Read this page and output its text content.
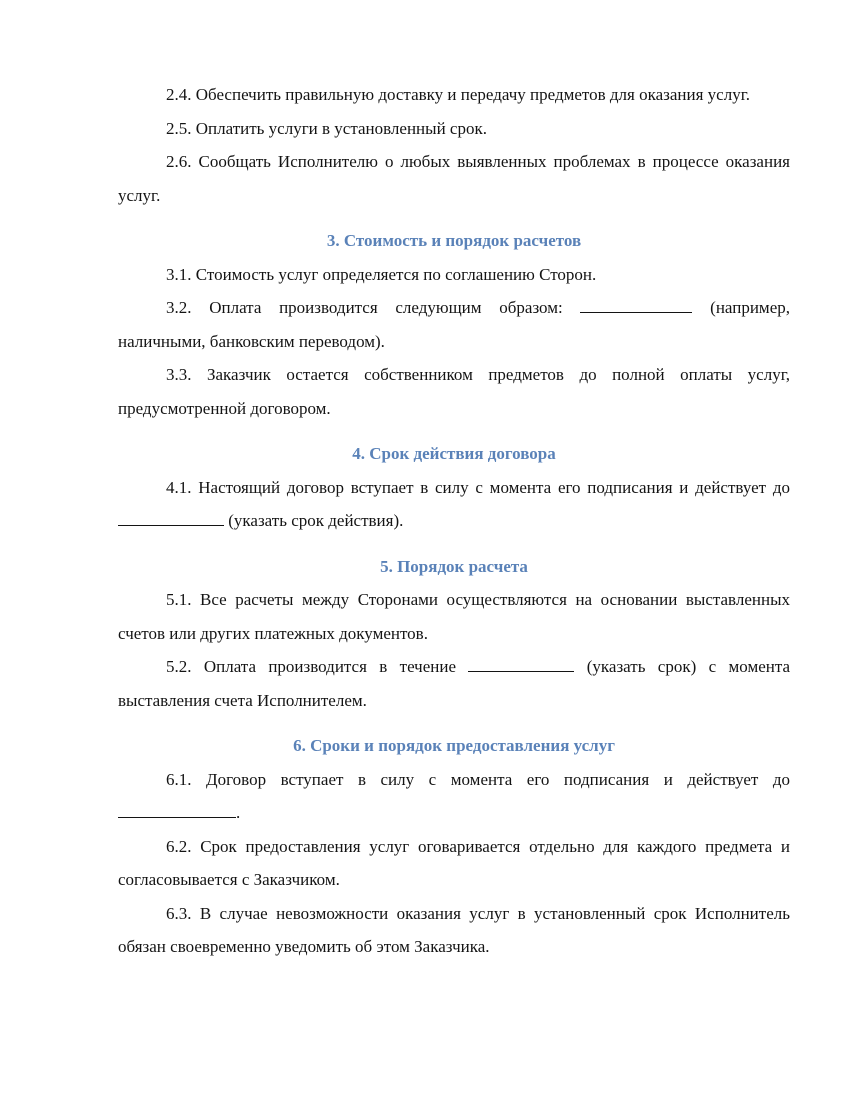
2.4. Обеспечить правильную доставку и передачу предметов для оказания услуг.

2.5. Оплатить услуги в установленный срок.

2.6. Сообщать Исполнителю о любых выявленных проблемах в процессе оказания услуг.

3. Стоимость и порядок расчетов

3.1. Стоимость услуг определяется по соглашению Сторон.

3.2. Оплата производится следующим образом:	(например, наличными, банковским переводом).

3.3. Заказчик остается собственником предметов до полной оплаты услуг, предусмотренной договором.

4. Срок действия договора

4.1. Настоящий договор вступает в силу с момента его подписания и действует до  (указать срок действия).

5. Порядок расчета

5.1. Все расчеты между Сторонами осуществляются на основании выставленных счетов или других платежных документов.

5.2. Оплата производится в течение	(указать срок) с момента выставления счета Исполнителем.

6. Сроки и порядок предоставления услуг

6.1. Договор вступает в силу с момента его подписания и действует до .

6.2. Срок предоставления услуг оговаривается отдельно для каждого предмета и согласовывается с Заказчиком.

6.3. В случае невозможности оказания услуг в установленный срок Исполнитель обязан своевременно уведомить об этом Заказчика.
